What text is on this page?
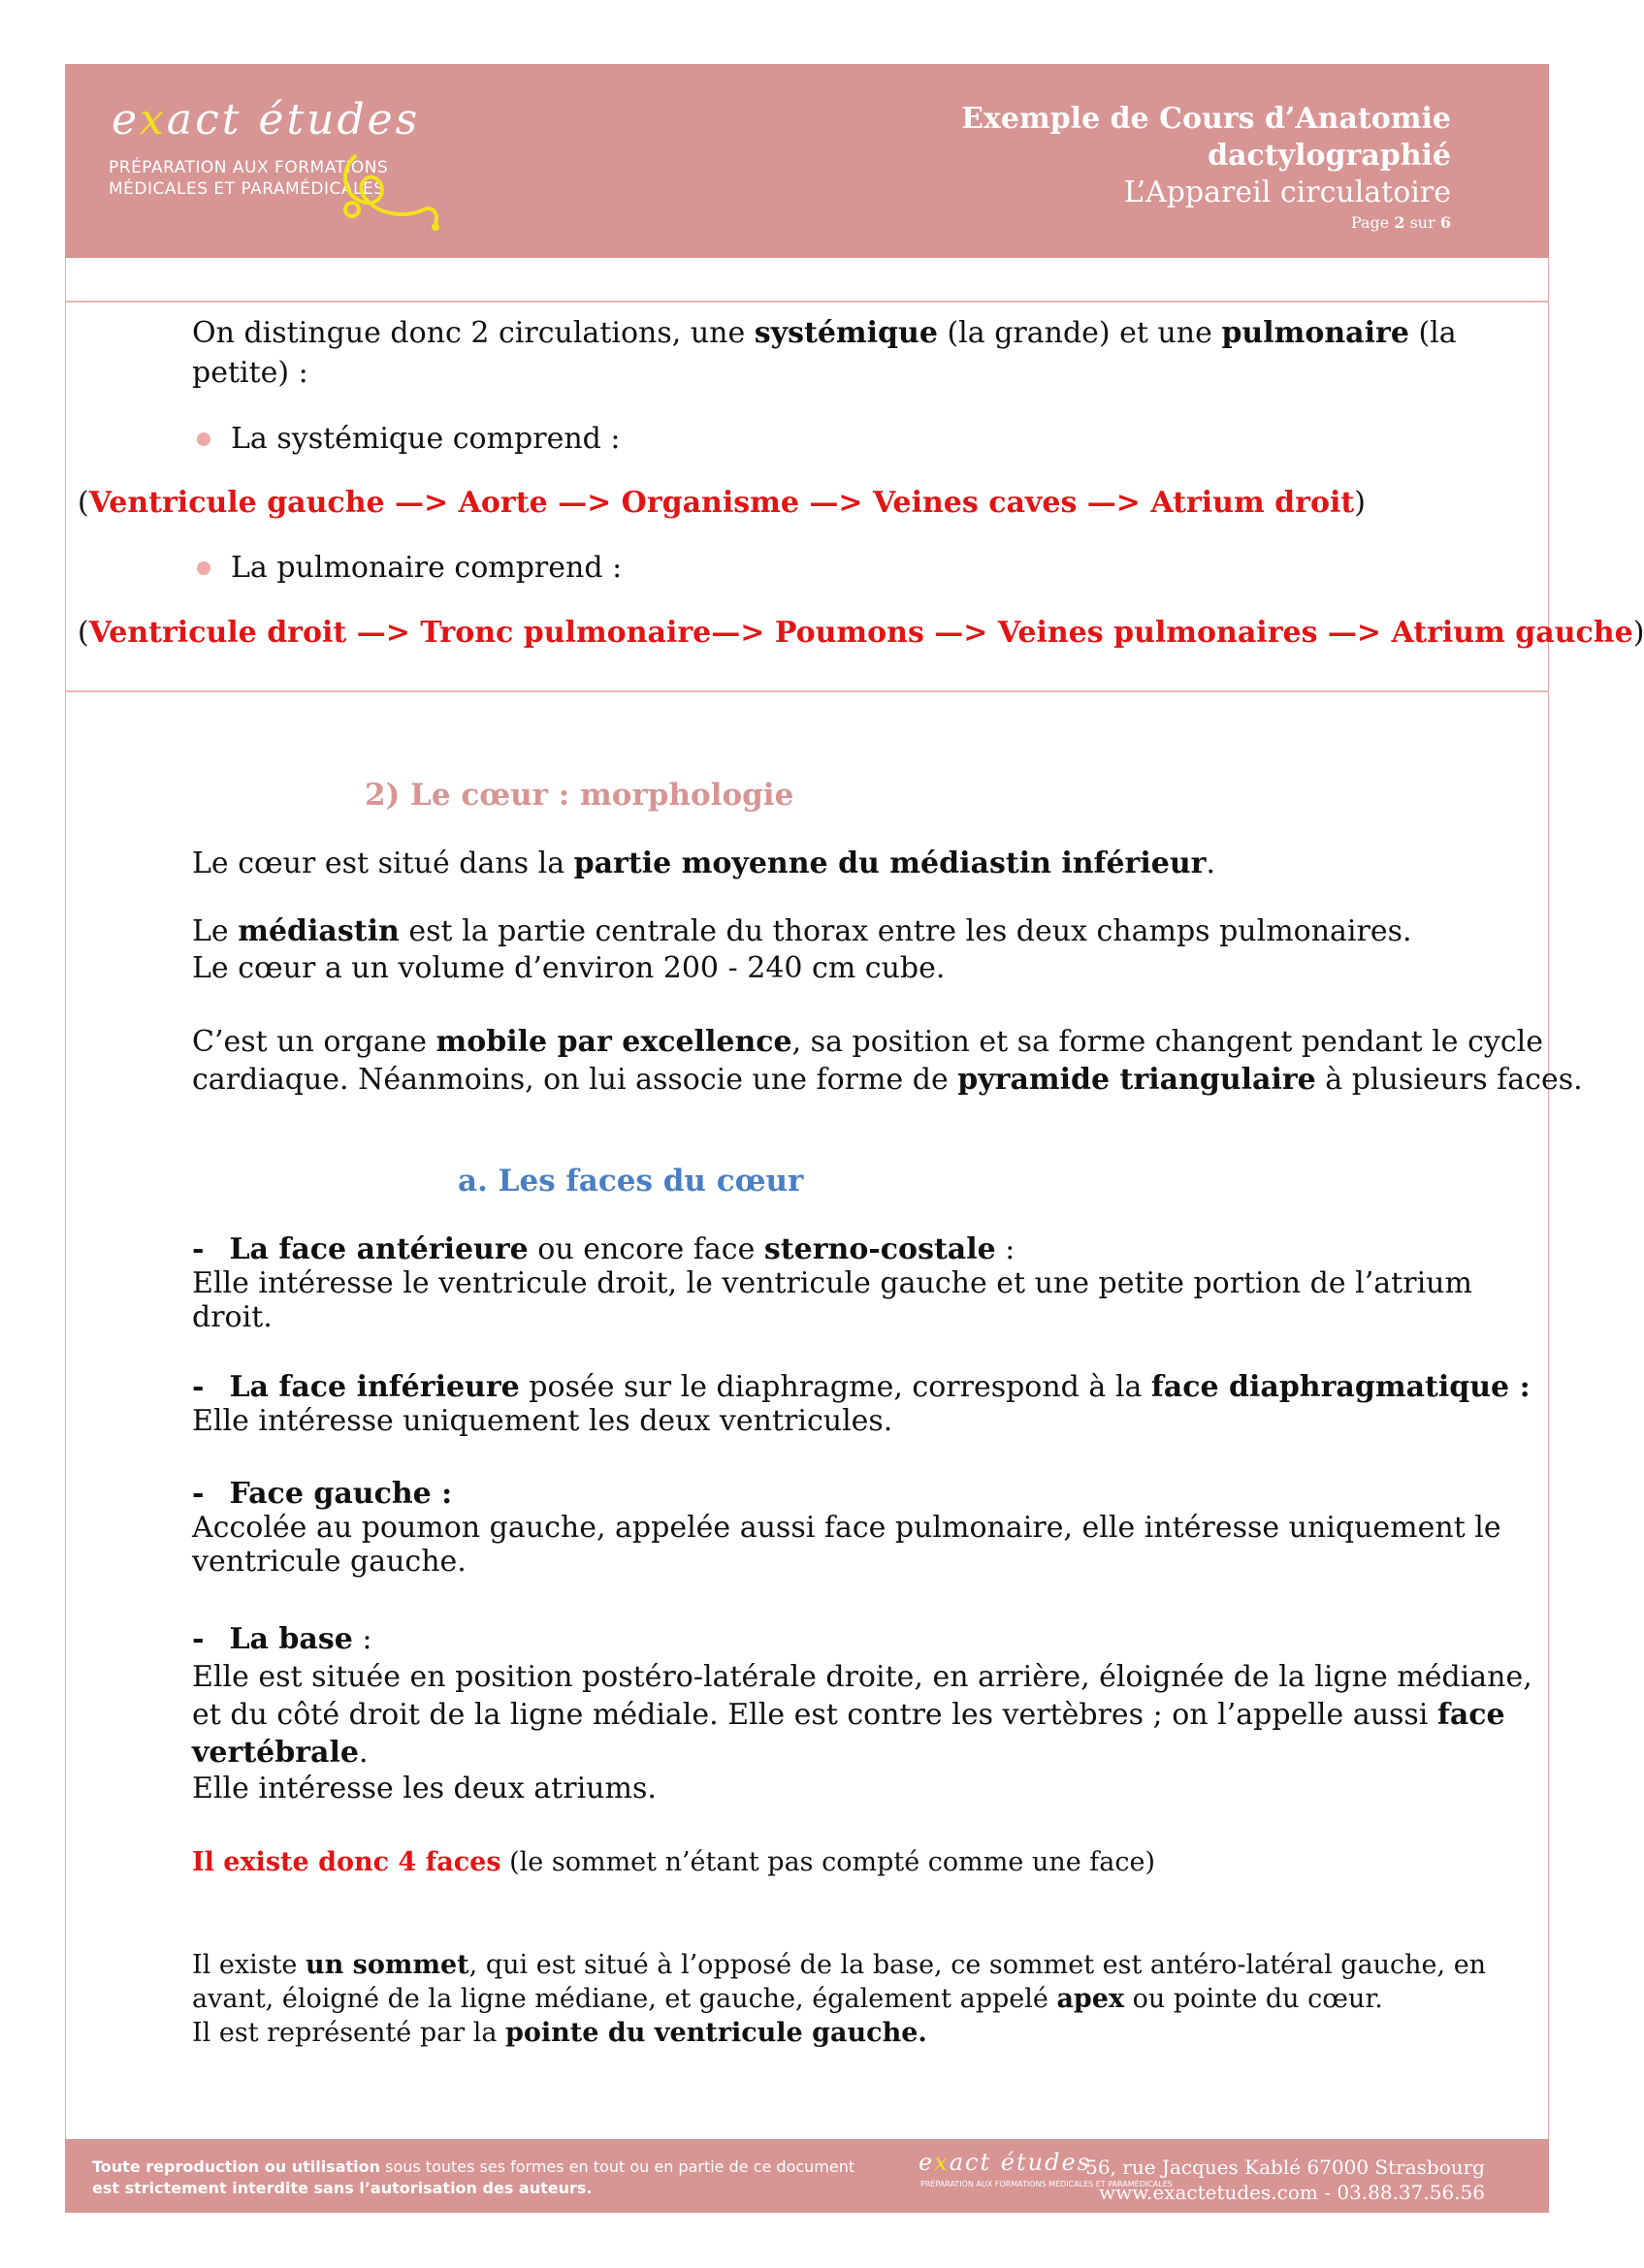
exact études
PRÉPARATION AUX FORMATIONS
MÉDICALES ET PARAMÉDICALES
Exemple de Cours d’Anatomie
dactylographié
L’Appareil circulatoire
Page 2 sur 6
On distingue donc 2 circulations, une systémique (la grande) et une pulmonaire (la
petite) :
La systémique comprend :
(Ventricule gauche —> Aorte —> Organisme —> Veines caves —> Atrium droit)
La pulmonaire comprend :
(Ventricule droit —> Tronc pulmonaire—> Poumons —> Veines pulmonaires —> Atrium gauche)
2) Le cœur : morphologie
Le cœur est situé dans la partie moyenne du médiastin inférieur.
Le médiastin est la partie centrale du thorax entre les deux champs pulmonaires.
Le cœur a un volume d’environ 200 - 240 cm cube.
C’est un organe mobile par excellence, sa position et sa forme changent pendant le cycle
cardiaque. Néanmoins, on lui associe une forme de pyramide triangulaire à plusieurs faces.
a. Les faces du cœur
- La face antérieure ou encore face sterno-costale :
Elle intéresse le ventricule droit, le ventricule gauche et une petite portion de l’atrium
droit.
- La face inférieure posée sur le diaphragme, correspond à la face diaphragmatique :
Elle intéresse uniquement les deux ventricules.
- Face gauche :
Accolée au poumon gauche, appelée aussi face pulmonaire, elle intéresse uniquement le
ventricule gauche.
- La base :
Elle est située en position postéro-latérale droite, en arrière, éloignée de la ligne médiane,
et du côté droit de la ligne médiale. Elle est contre les vertèbres ; on l’appelle aussi face
vertébrale.
Elle intéresse les deux atriums.
Il existe donc 4 faces (le sommet n’étant pas compté comme une face)
Il existe un sommet, qui est situé à l’opposé de la base, ce sommet est antéro-latéral gauche, en
avant, éloigné de la ligne médiane, et gauche, également appelé apex ou pointe du cœur.
Il est représenté par la pointe du ventricule gauche.
Toute reproduction ou utilisation sous toutes ses formes en tout ou en partie de ce document
est strictement interdite sans l’autorisation des auteurs.
exact études
PRÉPARATION AUX FORMATIONS MÉDICALES ET PARAMÉDICALES
56, rue Jacques Kablé 67000 Strasbourg
www.exactetudes.com - 03.88.37.56.56
